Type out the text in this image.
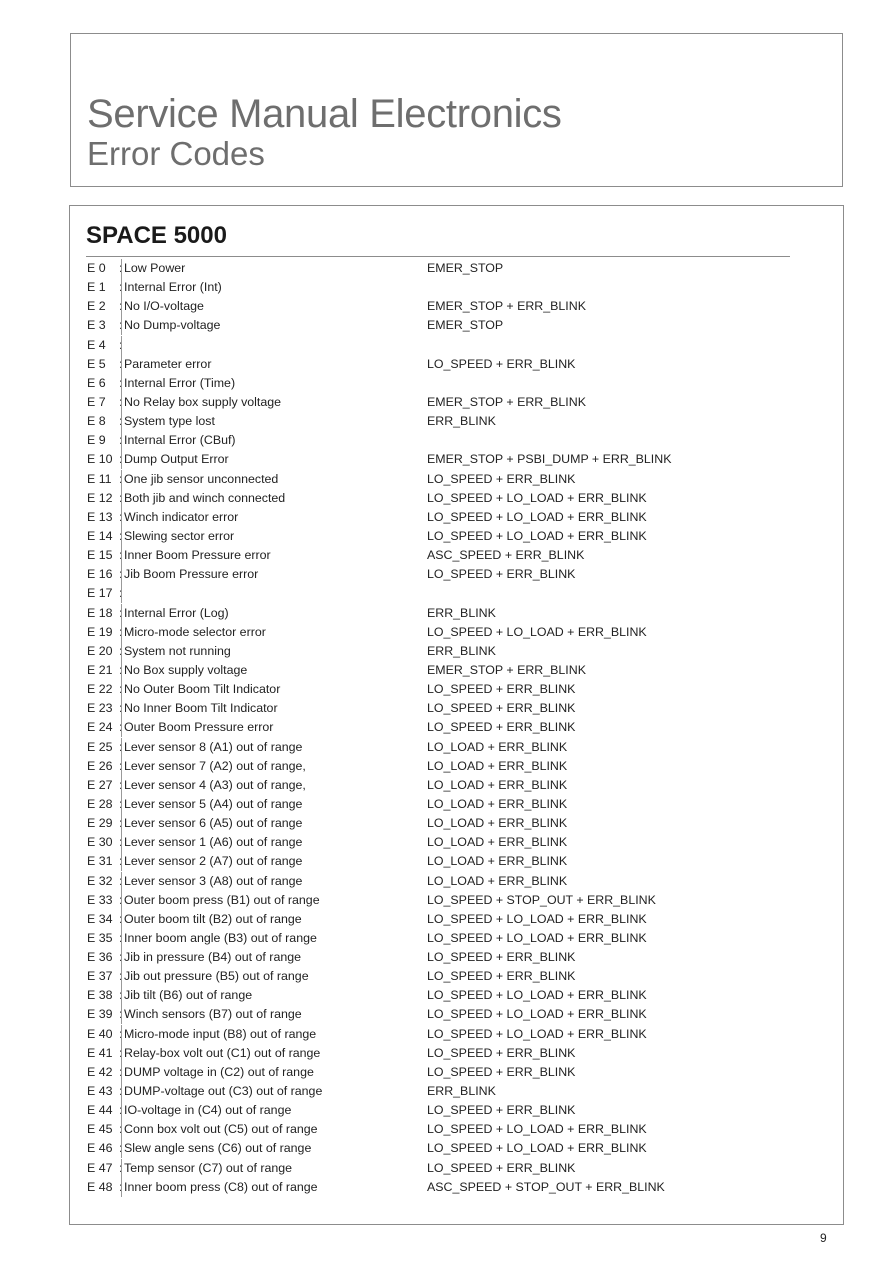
Service Manual Electronics
Error Codes
SPACE 5000
E 0 : Low Power	EMER_STOP
E 1 : Internal Error (Int)
E 2 : No I/O-voltage	EMER_STOP + ERR_BLINK
E 3 : No Dump-voltage	EMER_STOP
E 4 :
E 5 : Parameter error	LO_SPEED + ERR_BLINK
E 6 : Internal Error (Time)
E 7 : No Relay box supply voltage	EMER_STOP + ERR_BLINK
E 8 : System type lost	ERR_BLINK
E 9 : Internal Error (CBuf)
E 10 : Dump Output Error	EMER_STOP + PSBI_DUMP + ERR_BLINK
E 11 : One jib sensor unconnected	LO_SPEED + ERR_BLINK
E 12 : Both jib and winch connected	LO_SPEED + LO_LOAD + ERR_BLINK
E 13 : Winch indicator error	LO_SPEED + LO_LOAD + ERR_BLINK
E 14 : Slewing sector error	LO_SPEED + LO_LOAD + ERR_BLINK
E 15 : Inner Boom Pressure error	ASC_SPEED + ERR_BLINK
E 16 : Jib Boom Pressure error	LO_SPEED + ERR_BLINK
E 17 :
E 18 : Internal Error (Log)	ERR_BLINK
E 19 : Micro-mode selector error	LO_SPEED + LO_LOAD + ERR_BLINK
E 20 : System not running	ERR_BLINK
E 21 : No Box supply voltage	EMER_STOP + ERR_BLINK
E 22 : No Outer Boom Tilt Indicator	LO_SPEED + ERR_BLINK
E 23 : No Inner Boom Tilt Indicator	LO_SPEED + ERR_BLINK
E 24 : Outer Boom Pressure error	LO_SPEED + ERR_BLINK
E 25 : Lever sensor 8 (A1) out of range	LO_LOAD + ERR_BLINK
E 26 : Lever sensor 7 (A2) out of range,	LO_LOAD + ERR_BLINK
E 27 : Lever sensor 4 (A3) out of range,	LO_LOAD + ERR_BLINK
E 28 : Lever sensor 5 (A4) out of range	LO_LOAD + ERR_BLINK
E 29 : Lever sensor 6 (A5) out of range	LO_LOAD + ERR_BLINK
E 30 : Lever sensor 1 (A6) out of range	LO_LOAD + ERR_BLINK
E 31 : Lever sensor 2 (A7) out of range	LO_LOAD + ERR_BLINK
E 32 : Lever sensor 3 (A8) out of range	LO_LOAD + ERR_BLINK
E 33 : Outer boom press (B1) out of range	LO_SPEED + STOP_OUT + ERR_BLINK
E 34 : Outer boom tilt (B2) out of range	LO_SPEED + LO_LOAD + ERR_BLINK
E 35 : Inner boom angle (B3) out of range	LO_SPEED + LO_LOAD + ERR_BLINK
E 36 : Jib in pressure (B4) out of range	LO_SPEED + ERR_BLINK
E 37 : Jib out pressure (B5) out of range	LO_SPEED + ERR_BLINK
E 38 : Jib tilt (B6) out of range	LO_SPEED + LO_LOAD + ERR_BLINK
E 39 : Winch sensors (B7) out of range	LO_SPEED + LO_LOAD + ERR_BLINK
E 40 : Micro-mode input (B8) out of range	LO_SPEED + LO_LOAD + ERR_BLINK
E 41 : Relay-box volt out (C1) out of range	LO_SPEED + ERR_BLINK
E 42 : DUMP voltage in (C2) out of range	LO_SPEED + ERR_BLINK
E 43 : DUMP-voltage out (C3) out of range	ERR_BLINK
E 44 : IO-voltage in (C4) out of range	LO_SPEED + ERR_BLINK
E 45 : Conn box volt out (C5) out of range	LO_SPEED + LO_LOAD + ERR_BLINK
E 46 : Slew angle sens (C6) out of range	LO_SPEED + LO_LOAD + ERR_BLINK
E 47 : Temp sensor (C7) out of range	LO_SPEED + ERR_BLINK
E 48 : Inner boom press (C8) out of range	ASC_SPEED + STOP_OUT + ERR_BLINK
9
